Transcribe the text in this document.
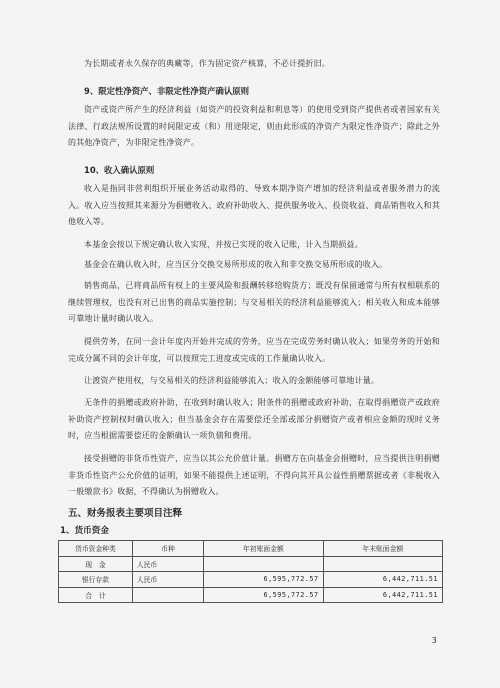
为长期或者永久保存的典藏等，作为固定资产核算，不必计提折旧。

9、限定性净资产、非限定性净资产确认原则

资产或资产所产生的经济利益（如资产的投资利益和利息等）的使用受到资产提供者或者国家有关法律、行政法规所设置的时间限定或（和）用途限定，则由此形成的净资产为限定性净资产；除此之外的其他净资产，为非限定性净资产。

10、收入确认原则

收入是指同非营利组织开展业务活动取得的、导致本期净资产增加的经济利益或者服务潜力的流入。收入应当按照其来源分为捐赠收入、政府补助收入、提供服务收入、投资收益、商品销售收入和其他收入等。

本基金会按以下规定确认收入实现，并按已实现的收入记账，计入当期损益。

基金会在确认收入时，应当区分交换交易所形成的收入和非交换交易所形成的收入。

销售商品，已将商品所有权上的主要风险和报酬转移给购货方；既没有保留通常与所有权相联系的继续管理权，也没有对已出售的商品实施控制；与交易相关的经济利益能够流入；相关收入和成本能够可靠地计量时确认收入。

提供劳务，在同一会计年度内开始并完成的劳务，应当在完成劳务时确认收入；如果劳务的开始和完成分属不同的会计年度，可以按照完工进度或完成的工作量确认收入。

让渡资产使用权，与交易相关的经济利益能够流入；收入的金额能够可靠地计量。

无条件的捐赠或政府补助，在收到时确认收入；附条件的捐赠或政府补助，在取得捐赠资产或政府补助资产控制权时确认收入；但当基金会存在需要偿还全部或部分捐赠资产或者相应金额的现时义务时，应当根据需要偿还的金额确认一项负债和费用。

接受捐赠的非货币性资产，应当以其公允价值计量。捐赠方在向基金会捐赠时，应当提供注明捐赠非货币性资产公允价值的证明，如果不能提供上述证明，不得向其开具公益性捐赠票据或者《非税收入一般缴款书》收据，不得确认为捐赠收入。

五、财务报表主要项目注释

1、货币资金

货币资金种类	币种	年初账面金额	年末账面金额
现　金	人民币		
银行存款	人民币	6,595,772.57	6,442,711.51
合　计		6,595,772.57	6,442,711.51
3
